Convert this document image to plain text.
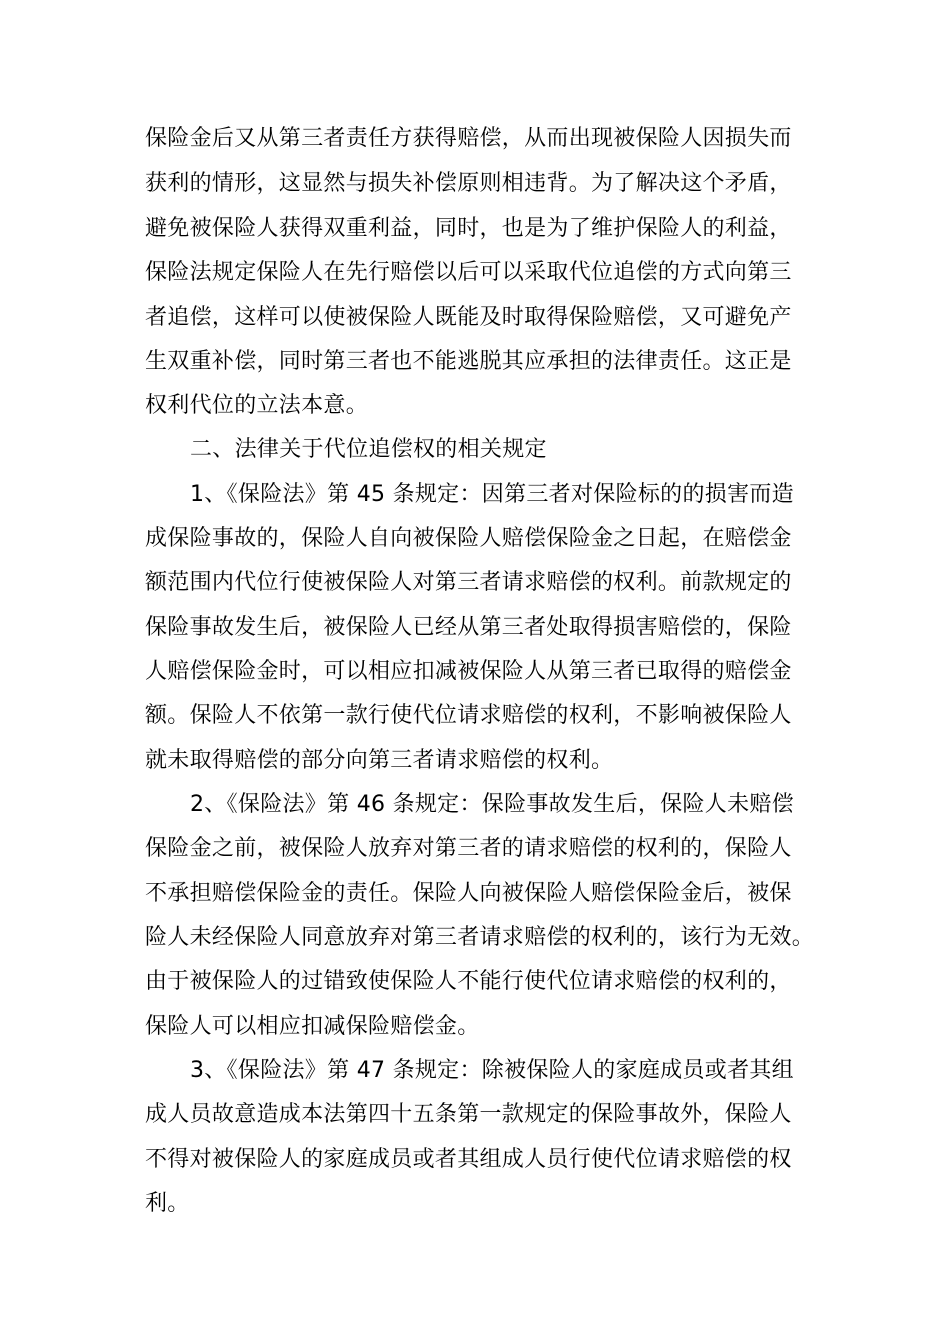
保险金后又从第三者责任方获得赔偿，从而出现被保险人因损失而
获利的情形，这显然与损失补偿原则相违背。为了解决这个矛盾，
避免被保险人获得双重利益，同时，也是为了维护保险人的利益，
保险法规定保险人在先行赔偿以后可以采取代位追偿的方式向第三
者追偿，这样可以使被保险人既能及时取得保险赔偿，又可避免产
生双重补偿，同时第三者也不能逃脱其应承担的法律责任。这正是
权利代位的立法本意。
二、法律关于代位追偿权的相关规定
1、《保险法》第 45 条规定：因第三者对保险标的的损害而造
成保险事故的，保险人自向被保险人赔偿保险金之日起，在赔偿金
额范围内代位行使被保险人对第三者请求赔偿的权利。前款规定的
保险事故发生后，被保险人已经从第三者处取得损害赔偿的，保险
人赔偿保险金时，可以相应扣减被保险人从第三者已取得的赔偿金
额。保险人不依第一款行使代位请求赔偿的权利，不影响被保险人
就未取得赔偿的部分向第三者请求赔偿的权利。
2、《保险法》第 46 条规定：保险事故发生后，保险人未赔偿
保险金之前，被保险人放弃对第三者的请求赔偿的权利的，保险人
不承担赔偿保险金的责任。保险人向被保险人赔偿保险金后，被保
险人未经保险人同意放弃对第三者请求赔偿的权利的，该行为无效。
由于被保险人的过错致使保险人不能行使代位请求赔偿的权利的，
保险人可以相应扣减保险赔偿金。
3、《保险法》第 47 条规定：除被保险人的家庭成员或者其组
成人员故意造成本法第四十五条第一款规定的保险事故外，保险人
不得对被保险人的家庭成员或者其组成人员行使代位请求赔偿的权
利。
